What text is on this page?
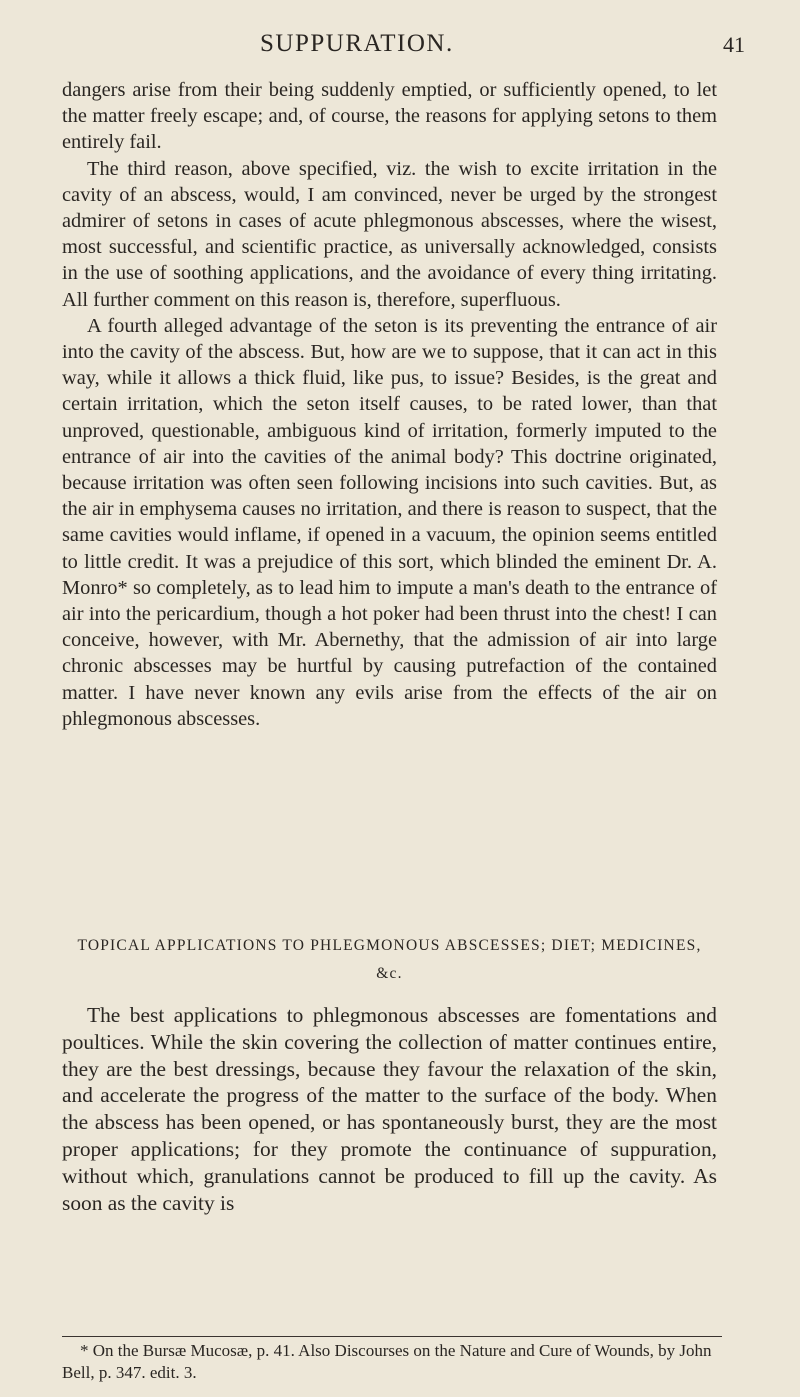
SUPPURATION.	41

dangers arise from their being suddenly emptied, or sufficiently opened, to let the matter freely escape; and, of course, the reasons for applying setons to them entirely fail.

The third reason, above specified, viz. the wish to excite irritation in the cavity of an abscess, would, I am convinced, never be urged by the strongest admirer of setons in cases of acute phlegmonous abscesses, where the wisest, most successful, and scientific practice, as universally acknowledged, consists in the use of soothing applications, and the avoidance of every thing irritating. All further comment on this reason is, therefore, superfluous.

A fourth alleged advantage of the seton is its preventing the entrance of air into the cavity of the abscess. But, how are we to suppose, that it can act in this way, while it allows a thick fluid, like pus, to issue? Besides, is the great and certain irritation, which the seton itself causes, to be rated lower, than that unproved, questionable, ambiguous kind of irritation, formerly imputed to the entrance of air into the cavities of the animal body? This doctrine originated, because irritation was often seen following incisions into such cavities. But, as the air in emphysema causes no irritation, and there is reason to suspect, that the same cavities would inflame, if opened in a vacuum, the opinion seems entitled to little credit. It was a prejudice of this sort, which blinded the eminent Dr. A. Monro* so completely, as to lead him to impute a man's death to the entrance of air into the pericardium, though a hot poker had been thrust into the chest! I can conceive, however, with Mr. Abernethy, that the admission of air into large chronic abscesses may be hurtful by causing putrefaction of the contained matter. I have never known any evils arise from the effects of the air on phlegmonous abscesses.

TOPICAL APPLICATIONS TO PHLEGMONOUS ABSCESSES; DIET; MEDICINES, &c.

The best applications to phlegmonous abscesses are fomentations and poultices. While the skin covering the collection of matter continues entire, they are the best dressings, because they favour the relaxation of the skin, and accelerate the progress of the matter to the surface of the body. When the abscess has been opened, or has spontaneously burst, they are the most proper applications; for they promote the continuance of suppuration, without which, granulations cannot be produced to fill up the cavity. As soon as the cavity is

* On the Bursæ Mucosæ, p. 41. Also Discourses on the Nature and Cure of Wounds, by John Bell, p. 347. edit. 3.
